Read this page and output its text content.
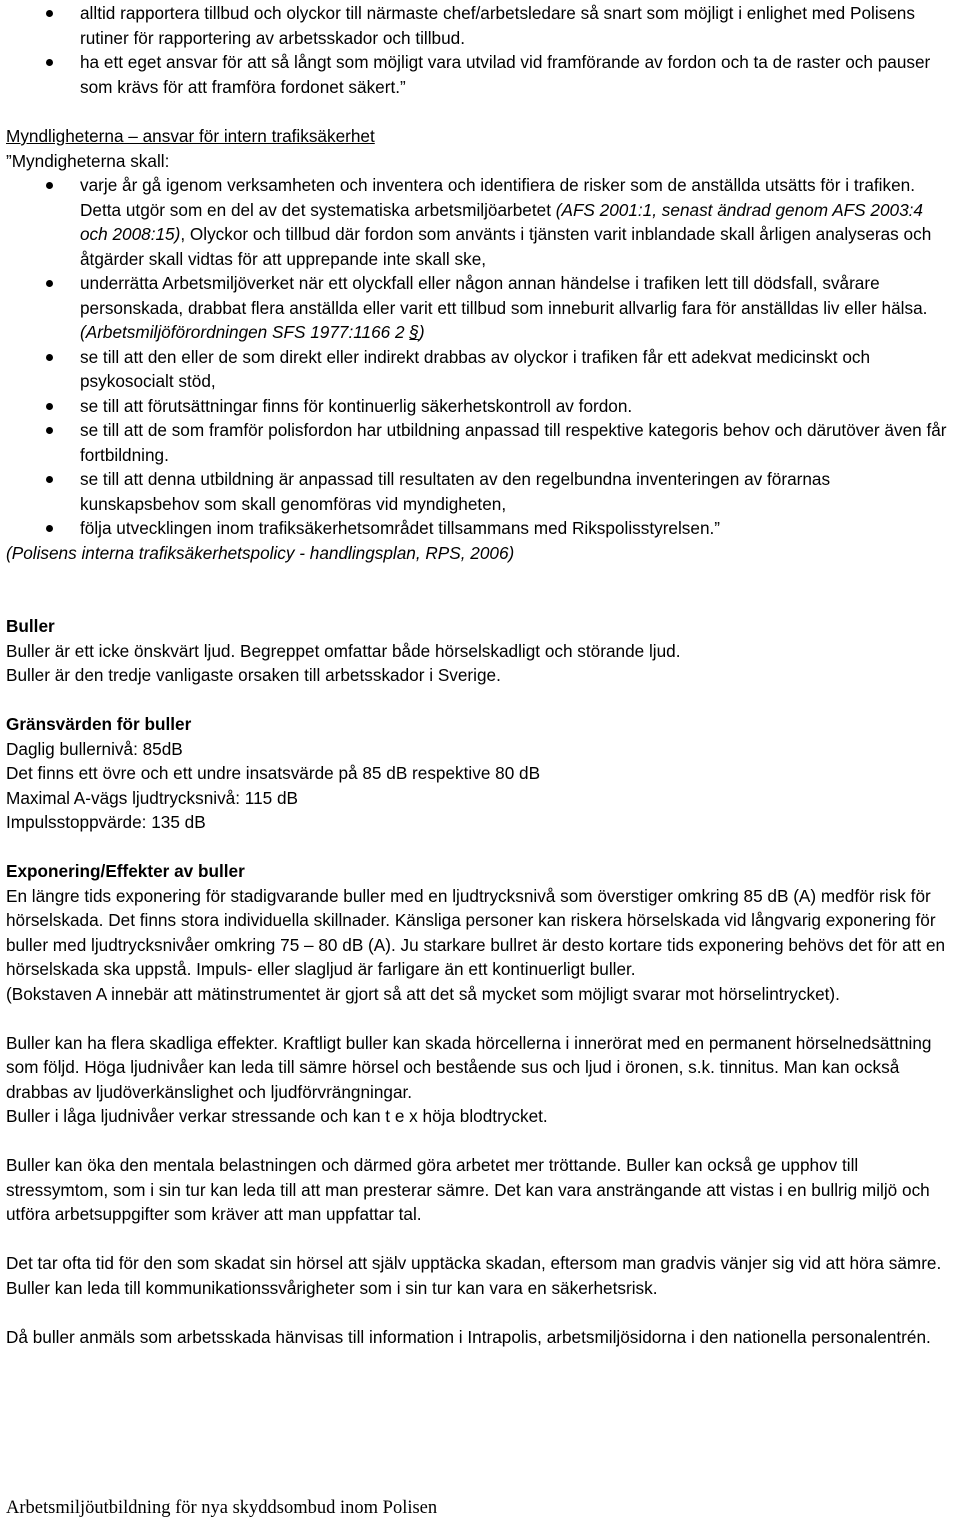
alltid rapportera tillbud och olyckor till närmaste chef/arbetsledare så snart som möjligt i enlighet med Polisens rutiner för rapportering av arbetsskador och tillbud.
ha ett eget ansvar för att så långt som möjligt vara utvilad vid framförande av fordon och ta de raster och pauser som krävs för att framföra fordonet säkert.”

Myndligheterna – ansvar för intern trafiksäkerhet

”Myndigheterna skall:

varje år gå igenom verksamheten och inventera och identifiera de risker som de anställda utsätts för i trafiken. Detta utgör som en del av det systematiska arbetsmiljöarbetet (AFS 2001:1, senast ändrad genom AFS 2003:4 och 2008:15), Olyckor och tillbud där fordon som använts i tjänsten varit inblandade skall årligen analyseras och åtgärder skall vidtas för att upprepande inte skall ske,
underrätta Arbetsmiljöverket när ett olyckfall eller någon annan händelse i trafiken lett till dödsfall, svårare personskada, drabbat flera anställda eller varit ett tillbud som inneburit allvarlig fara för anställdas liv eller hälsa. (Arbetsmiljöförordningen SFS 1977:1166 2 §)
se till att den eller de som direkt eller indirekt drabbas av olyckor i trafiken får ett adekvat medicinskt och psykosocialt stöd,
se till att förutsättningar finns för kontinuerlig säkerhetskontroll av fordon.
se till att de som framför polisfordon har utbildning anpassad till respektive kategoris behov och därutöver även får fortbildning.
se till att denna utbildning är anpassad till resultaten av den regelbundna inventeringen av förarnas kunskapsbehov som skall genomföras vid myndigheten,
följa utvecklingen inom trafiksäkerhetsområdet tillsammans med Rikspolisstyrelsen.”

(Polisens interna trafiksäkerhetspolicy - handlingsplan, RPS, 2006)

Buller

Buller är ett icke önskvärt ljud. Begreppet omfattar både hörselskadligt och störande ljud.

Buller är den tredje vanligaste orsaken till arbetsskador i Sverige.

Gränsvärden för buller

Daglig bullernivå: 85dB

Det finns ett övre och ett undre insatsvärde på 85 dB respektive 80 dB

Maximal A-vägs ljudtrycksnivå: 115 dB

Impulsstoppvärde: 135 dB

Exponering/Effekter av buller

En längre tids exponering för stadigvarande buller med en ljudtrycksnivå som överstiger omkring 85 dB (A) medför risk för hörselskada. Det finns stora individuella skillnader. Känsliga personer kan riskera hörselskada vid långvarig exponering för buller med ljudtrycksnivåer omkring 75 – 80 dB (A). Ju starkare bullret är desto kortare tids exponering behövs det för att en hörselskada ska uppstå. Impuls- eller slagljud är farligare än ett kontinuerligt buller.

(Bokstaven A innebär att mätinstrumentet är gjort så att det så mycket som möjligt svarar mot hörselintrycket).

Buller kan ha flera skadliga effekter. Kraftligt buller kan skada hörcellerna i innerörat med en permanent hörselnedsättning som följd. Höga ljudnivåer kan leda till sämre hörsel och bestående sus och ljud i öronen, s.k. tinnitus. Man kan också drabbas av ljudöverkänslighet och ljudförvrängningar.

Buller i låga ljudnivåer verkar stressande och kan t e x höja blodtrycket.

Buller kan öka den mentala belastningen och därmed göra arbetet mer tröttande. Buller kan också ge upphov till stressymtom, som i sin tur kan leda till att man presterar sämre. Det kan vara ansträngande att vistas i en bullrig miljö och utföra arbetsuppgifter som kräver att man uppfattar tal.

Det tar ofta tid för den som skadat sin hörsel att själv upptäcka skadan, eftersom man gradvis vänjer sig vid att höra sämre.

Buller kan leda till kommunikationssvårigheter som i sin tur kan vara en säkerhetsrisk.

Då buller anmäls som arbetsskada hänvisas till information i Intrapolis, arbetsmiljösidorna i den nationella personalentrén.

Arbetsmiljöutbildning för nya skyddsombud inom Polisen
